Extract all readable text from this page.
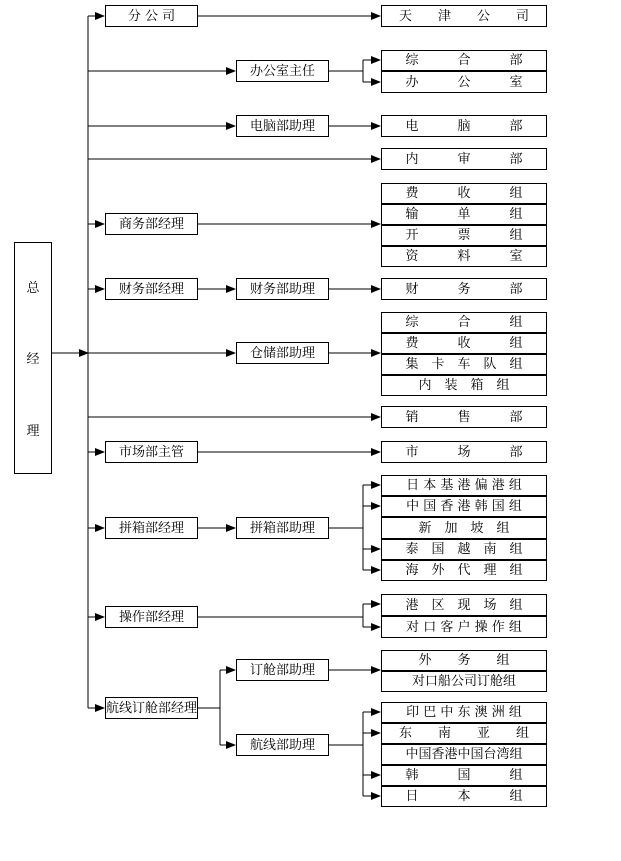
总
经
理
分 公 司
商务部经理
财务部经理
市场部主管
拼箱部经理
操作部经理
航线订舱部经理
办公室主任
电脑部助理
财务部助理
仓储部助理
拼箱部助理
订舱部助理
航线部助理
天　　津　　公　　司
综　　　合　　　部
办　　　公　　　室
电　　　脑　　　部
内　　　审　　　部
费　　　收　　　组
输　　　单　　　组
开　　　票　　　组
资　　　料　　　室
财　　　务　　　部
综　　　合　　　组
费　　　收　　　组
集　卡　车　队　组
内　装　箱　组
销　　　售　　　部
市　　　场　　　部
日 本 基 港 偏 港 组
中 国 香 港 韩 国 组
新　加　坡　组
泰　国　越　南　组
海　外　代　理　组
港　区　现　场　组
对 口 客 户 操 作 组
外　　务　　组
对口船公司订舱组
印 巴 中 东 澳 洲 组
东　　南　　亚　　组
中国香港中国台湾组
韩　　　国　　　组
日　　　本　　　组
